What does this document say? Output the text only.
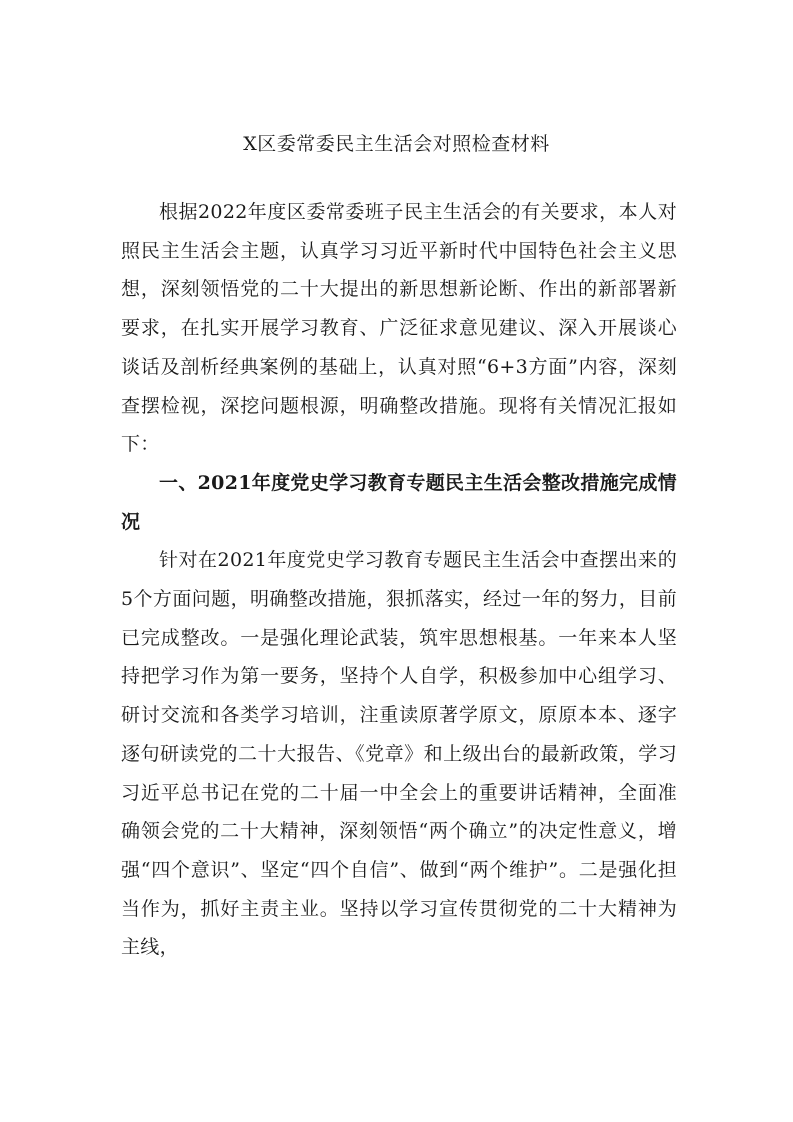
X区委常委民主生活会对照检查材料

根据2022年度区委常委班子民主生活会的有关要求，本人对照民主生活会主题，认真学习习近平新时代中国特色社会主义思想，深刻领悟党的二十大提出的新思想新论断、作出的新部署新要求，在扎实开展学习教育、广泛征求意见建议、深入开展谈心谈话及剖析经典案例的基础上，认真对照“6+3方面”内容，深刻查摆检视，深挖问题根源，明确整改措施。现将有关情况汇报如下：

一、2021年度党史学习教育专题民主生活会整改措施完成情况

针对在2021年度党史学习教育专题民主生活会中查摆出来的5个方面问题，明确整改措施，狠抓落实，经过一年的努力，目前已完成整改。一是强化理论武装，筑牢思想根基。一年来本人坚持把学习作为第一要务，坚持个人自学，积极参加中心组学习、研讨交流和各类学习培训，注重读原著学原文，原原本本、逐字逐句研读党的二十大报告、《党章》和上级出台的最新政策，学习习近平总书记在党的二十届一中全会上的重要讲话精神，全面准确领会党的二十大精神，深刻领悟“两个确立”的决定性意义，增强“四个意识”、坚定“四个自信”、做到“两个维护”。二是强化担当作为，抓好主责主业。坚持以学习宣传贯彻党的二十大精神为主线，
